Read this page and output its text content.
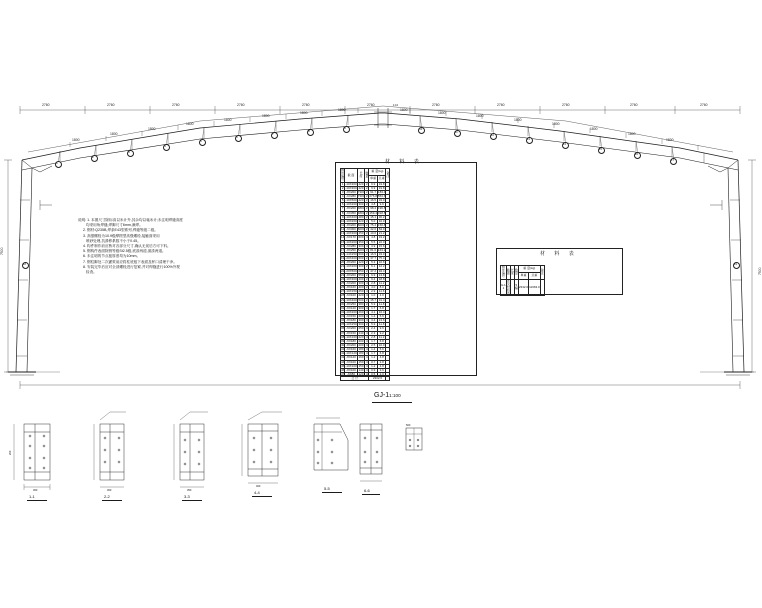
2760	2760	2760	2760	2760	2760	2760	2760	2760	2760	2760
1800
1800
1800
1800
1800
1800
1800
1800	1800
1800
1800
1800
1800
1800
1800
1800
7500
7500
1:10
1
2
3
4
5
6
7
8
9	10
11
12
13
14
15
16
17
18	19
说明: 1. 本图尺寸除标高以米计外,其余均以毫米计;未注明焊缝高度
均采用角焊缝,焊脚尺寸6mm,满焊。
2. 钢材:Q235B,焊条E43型系列,焊缝等级二级。
3. 高强螺栓为10.9级摩擦型高强螺栓,接触面采用
喷砂处理,抗滑移系数不小于0.45。
4. 构件制作前应核对各部分尺寸,确认无误后方可下料。
5. 钢构件表面除锈等级St2.5级,底漆两道,面漆两道。
6. 未注明的节点板厚度均为10mm。
7. 钢柱脚处二次灌浆前应将柱底板下表面及杯口清理干净。
8. 安装完毕后应对全部螺栓进行复紧,并对焊缝进行100%外观
检查。
材 料 表
构件编号	截 面	长 度	数量	重 量(kg)		备注
				单重	总重	
1	-10X300	420	2	9.9	19.8	
2	-10X300	420	2	9.9	19.8	
3	-8X200	7300	2	91.7	183.4	
4	-6X280	7300	2	276.8	553.6	
5	-10X500	420	2	16.5	33.0	
6	-10X200	300	2	4.8	9.6	
7	-8X200	4800	2	98.4	196.8	
8	-6X350	4800	2	159.4	318.8	
9	-10X400	480	2	15.1	30.2	
10	-10X200	320	2	5.0	10.0	
11	-8X200	6000	2	75.4	150.8	
12	-6X300	6000	2	42.0	84.0	
13	-10X300	450	2	10.6	21.2	
14	-6X170	600	4	4.8	19.2	
15	-10X200	350	4	5.5	22.0	
16	-6X280	300	4	3.9	15.6	
17	-8X250	5200	2	81.6	163.2	
18	-14X250	600	2	16.5	33.0	
19	-20X400	600	2	37.7	75.4	
20	-8X200	420	2	5.3	10.6	
21	-10X260	300	2	6.1	12.2	
22	-20X500	650	2	47.2	94.4	
23	-8X200	550	2	6.9	13.8	
24	-10X300	400	2	9.4	18.8	
25	-6X200	300	4	2.8	11.2	
26	-8X160	400	2	4.0	8.0	
27	-10X150	250	4	2.9	11.6	
28	-6X100	220	4	1.0	4.0	
29	-10X400	500	2	15.7	31.4	
30	-8X250	380	2	5.9	11.8	
31	-6X120	300	4	1.7	6.8	
32	-10X200	260	4	4.1	16.4	
33	-6X150	200	4	1.4	5.6	
34	-8X180	300	4	3.4	13.6	
35	-10X250	300	2	5.9	11.8	
36	-6X200	250	4	2.4	9.6	
37	-8X150	240	4	2.3	9.2	
38	-10X160	220	4	2.8	11.2	
39	-6X180	200	4	1.7	6.8	
40	-8X200	200	4	2.5	10.0	
41	-6X160	180	4	1.4	5.6	
42	-10X120	180	4	1.7	6.8	
43	-8X120	160	4	1.2	4.8	
44	-6X100	150	4	0.7	2.8	
45	-10X100	150	4	1.2	4.8	
46	-8X100	140	4	0.9	3.6	
47	-6X80	120	4	0.5	2.0	
合 计				2332.6		
材 料 表
构件编号	截 面	长 度	数量	重 量(kg)		备注
				单重	总重	
GJ-1	详见材料表		5榀	2332.6	11663.0	
GJ-11:100
1-1	2-2	3-3
4-4
5-5	6-6
300
200
300	350
400
500
